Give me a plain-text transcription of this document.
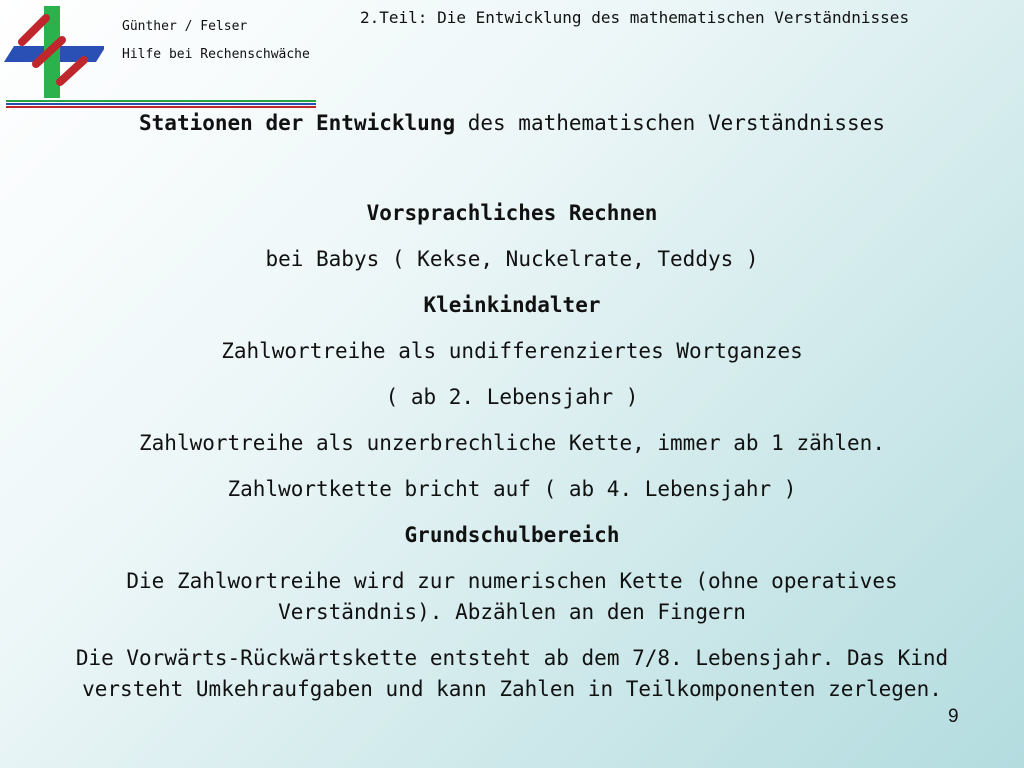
Günther / Felser
Hilfe bei Rechenschwäche
2.Teil: Die Entwicklung des mathematischen Verständnisses
Stationen der Entwicklung des mathematischen Verständnisses

Vorsprachliches Rechnen

bei Babys ( Kekse, Nuckelrate, Teddys )

Kleinkindalter

Zahlwortreihe als undifferenziertes Wortganzes

( ab 2. Lebensjahr )

Zahlwortreihe als unzerbrechliche Kette, immer ab 1 zählen.

Zahlwortkette bricht auf ( ab 4. Lebensjahr )

Grundschulbereich

Die Zahlwortreihe wird zur numerischen Kette (ohne operatives Verständnis). Abzählen an den Fingern

Die Vorwärts-Rückwärtskette entsteht ab dem 7/8. Lebensjahr. Das Kind versteht Umkehraufgaben und kann Zahlen in Teilkomponenten zerlegen.

9
